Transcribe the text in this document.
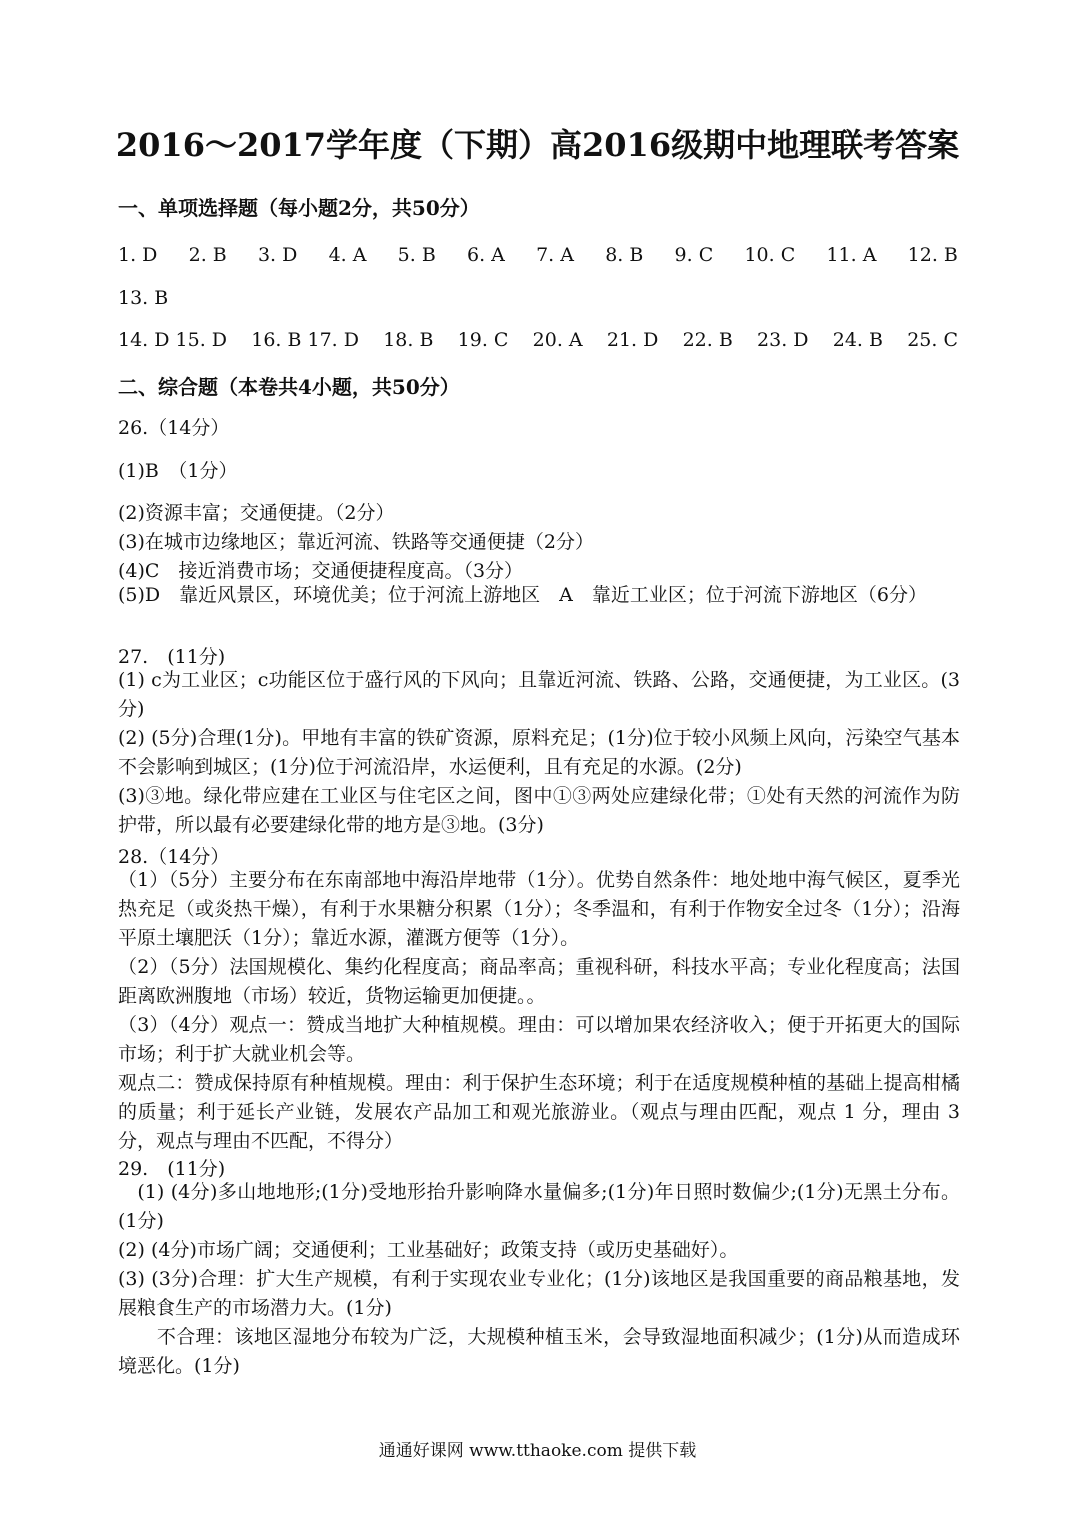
2016～2017学年度（下期）高2016级期中地理联考答案
一、单项选择题（每小题2分，共50分）
1. D 2. B 3. D 4. A 5. B 6. A 7. A 8. B 9. C 10. C 11. A 12. B
13. B
14. D 15. D 16. B 17. D 18. B 19. C 20. A 21. D 22. B 23. D 24. B 25. C
二、综合题（本卷共4小题，共50分）
26.（14分）
(1)B　（1分）
(2)资源丰富；交通便捷。（2分）
(3)在城市边缘地区；靠近河流、铁路等交通便捷（2分）
(4)C　接近消费市场；交通便捷程度高。（3分）
(5)D　靠近风景区，环境优美；位于河流上游地区　A　靠近工业区；位于河流下游地区（6分）
27.　(11分)
(1) c为工业区；c功能区位于盛行风的下风向；且靠近河流、铁路、公路，交通便捷，为工业区。(3分)
(2) (5分)合理(1分)。甲地有丰富的铁矿资源，原料充足；(1分)位于较小风频上风向，污染空气基本不会影响到城区；(1分)位于河流沿岸，水运便利，且有充足的水源。(2分)
(3)③地。绿化带应建在工业区与住宅区之间，图中①③两处应建绿化带；①处有天然的河流作为防护带，所以最有必要建绿化带的地方是③地。(3分)
28.（14分）
（1）（5分）主要分布在东南部地中海沿岸地带（1分）。优势自然条件：地处地中海气候区，夏季光热充足（或炎热干燥），有利于水果糖分积累（1分）；冬季温和，有利于作物安全过冬（1分）；沿海平原土壤肥沃（1分）；靠近水源，灌溉方便等（1分）。
（2）（5分）法国规模化、集约化程度高；商品率高；重视科研，科技水平高；专业化程度高；法国距离欧洲腹地（市场）较近，货物运输更加便捷。。
（3）（4分）观点一：赞成当地扩大种植规模。理由：可以增加果农经济收入；便于开拓更大的国际市场；利于扩大就业机会等。
观点二：赞成保持原有种植规模。理由：利于保护生态环境；利于在适度规模种植的基础上提高柑橘的质量；利于延长产业链，发展农产品加工和观光旅游业。（观点与理由匹配，观点 1 分，理由 3 分，观点与理由不匹配，不得分）
29.　(11分)
　(1) (4分)多山地地形;(1分)受地形抬升影响降水量偏多;(1分)年日照时数偏少;(1分)无黑土分布。(1分)
(2) (4分)市场广阔；交通便利；工业基础好；政策支持（或历史基础好）。
(3) (3分)合理：扩大生产规模，有利于实现农业专业化；(1分)该地区是我国重要的商品粮基地，发展粮食生产的市场潜力大。(1分)
　　不合理：该地区湿地分布较为广泛，大规模种植玉米，会导致湿地面积减少；(1分)从而造成环境恶化。(1分)
通通好课网 www.tthaoke.com 提供下载
